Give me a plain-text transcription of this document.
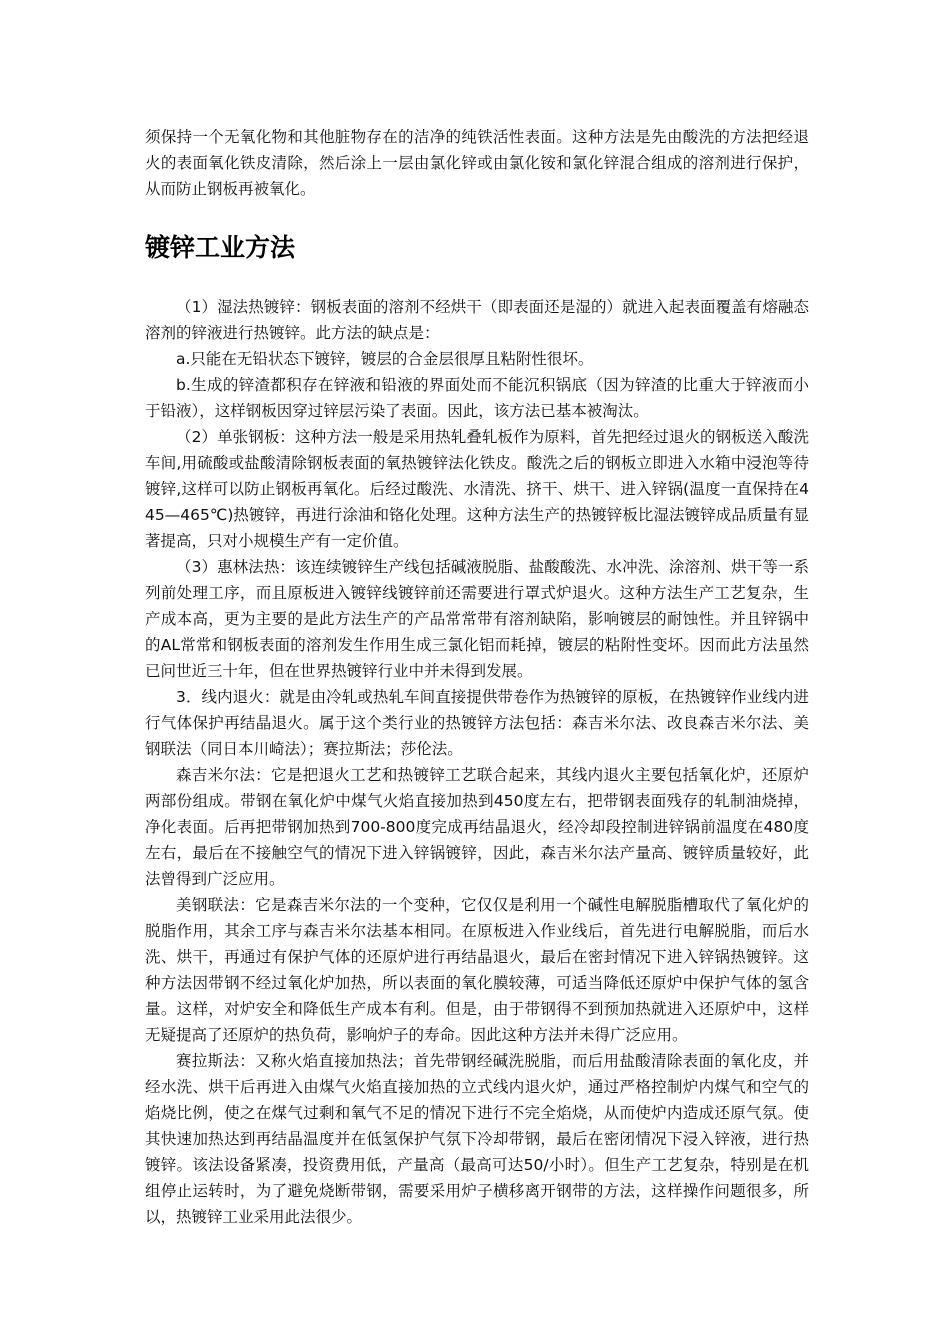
须保持一个无氧化物和其他脏物存在的洁净的纯铁活性表面。这种方法是先由酸洗的方法把经退火的表面氧化铁皮清除，然后涂上一层由氯化锌或由氯化铵和氯化锌混合组成的溶剂进行保护，从而防止钢板再被氧化。

镀锌工业方法

（1）湿法热镀锌：钢板表面的溶剂不经烘干（即表面还是湿的）就进入起表面覆盖有熔融态溶剂的锌液进行热镀锌。此方法的缺点是：

a.只能在无铅状态下镀锌，镀层的合金层很厚且粘附性很坏。

b.生成的锌渣都积存在锌液和铅液的界面处而不能沉积锅底（因为锌渣的比重大于锌液而小于铅液），这样钢板因穿过锌层污染了表面。因此，该方法已基本被淘汰。

（2）单张钢板：这种方法一般是采用热轧叠轧板作为原料，首先把经过退火的钢板送入酸洗车间,用硫酸或盐酸清除钢板表面的氧热镀锌法化铁皮。酸洗之后的钢板立即进入水箱中浸泡等待镀锌,这样可以防止钢板再氧化。后经过酸洗、水清洗、挤干、烘干、进入锌锅(温度一直保持在445—465℃)热镀锌，再进行涂油和铬化处理。这种方法生产的热镀锌板比湿法镀锌成品质量有显著提高，只对小规模生产有一定价值。

（3）惠林法热：该连续镀锌生产线包括碱液脱脂、盐酸酸洗、水冲洗、涂溶剂、烘干等一系列前处理工序，而且原板进入镀锌线镀锌前还需要进行罩式炉退火。这种方法生产工艺复杂，生产成本高，更为主要的是此方法生产的产品常常带有溶剂缺陷，影响镀层的耐蚀性。并且锌锅中的AL常常和钢板表面的溶剂发生作用生成三氯化铝而耗掉，镀层的粘附性变坏。因而此方法虽然已问世近三十年，但在世界热镀锌行业中并未得到发展。

3．线内退火：就是由冷轧或热轧车间直接提供带卷作为热镀锌的原板，在热镀锌作业线内进行气体保护再结晶退火。属于这个类行业的热镀锌方法包括：森吉米尔法、改良森吉米尔法、美钢联法（同日本川崎法）；赛拉斯法；莎伦法。

森吉米尔法：它是把退火工艺和热镀锌工艺联合起来，其线内退火主要包括氧化炉，还原炉两部份组成。带钢在氧化炉中煤气火焰直接加热到450度左右，把带钢表面残存的轧制油烧掉，净化表面。后再把带钢加热到700-800度完成再结晶退火，经冷却段控制进锌锅前温度在480度左右，最后在不接触空气的情况下进入锌锅镀锌，因此，森吉米尔法产量高、镀锌质量较好，此法曾得到广泛应用。

美钢联法：它是森吉米尔法的一个变种，它仅仅是利用一个碱性电解脱脂槽取代了氧化炉的脱脂作用，其余工序与森吉米尔法基本相同。在原板进入作业线后，首先进行电解脱脂，而后水洗、烘干，再通过有保护气体的还原炉进行再结晶退火，最后在密封情况下进入锌锅热镀锌。这种方法因带钢不经过氧化炉加热，所以表面的氧化膜较薄，可适当降低还原炉中保护气体的氢含量。这样，对炉安全和降低生产成本有利。但是，由于带钢得不到预加热就进入还原炉中，这样无疑提高了还原炉的热负荷，影响炉子的寿命。因此这种方法并未得广泛应用。

赛拉斯法：又称火焰直接加热法；首先带钢经碱洗脱脂，而后用盐酸清除表面的氧化皮，并经水洗、烘干后再进入由煤气火焰直接加热的立式线内退火炉，通过严格控制炉内煤气和空气的焰烧比例，使之在煤气过剩和氧气不足的情况下进行不完全焰烧，从而使炉内造成还原气氛。使其快速加热达到再结晶温度并在低氢保护气氛下冷却带钢，最后在密闭情况下浸入锌液，进行热镀锌。该法设备紧凑，投资费用低，产量高（最高可达50/小时）。但生产工艺复杂，特别是在机组停止运转时，为了避免烧断带钢，需要采用炉子横移离开钢带的方法，这样操作问题很多，所以，热镀锌工业采用此法很少。
